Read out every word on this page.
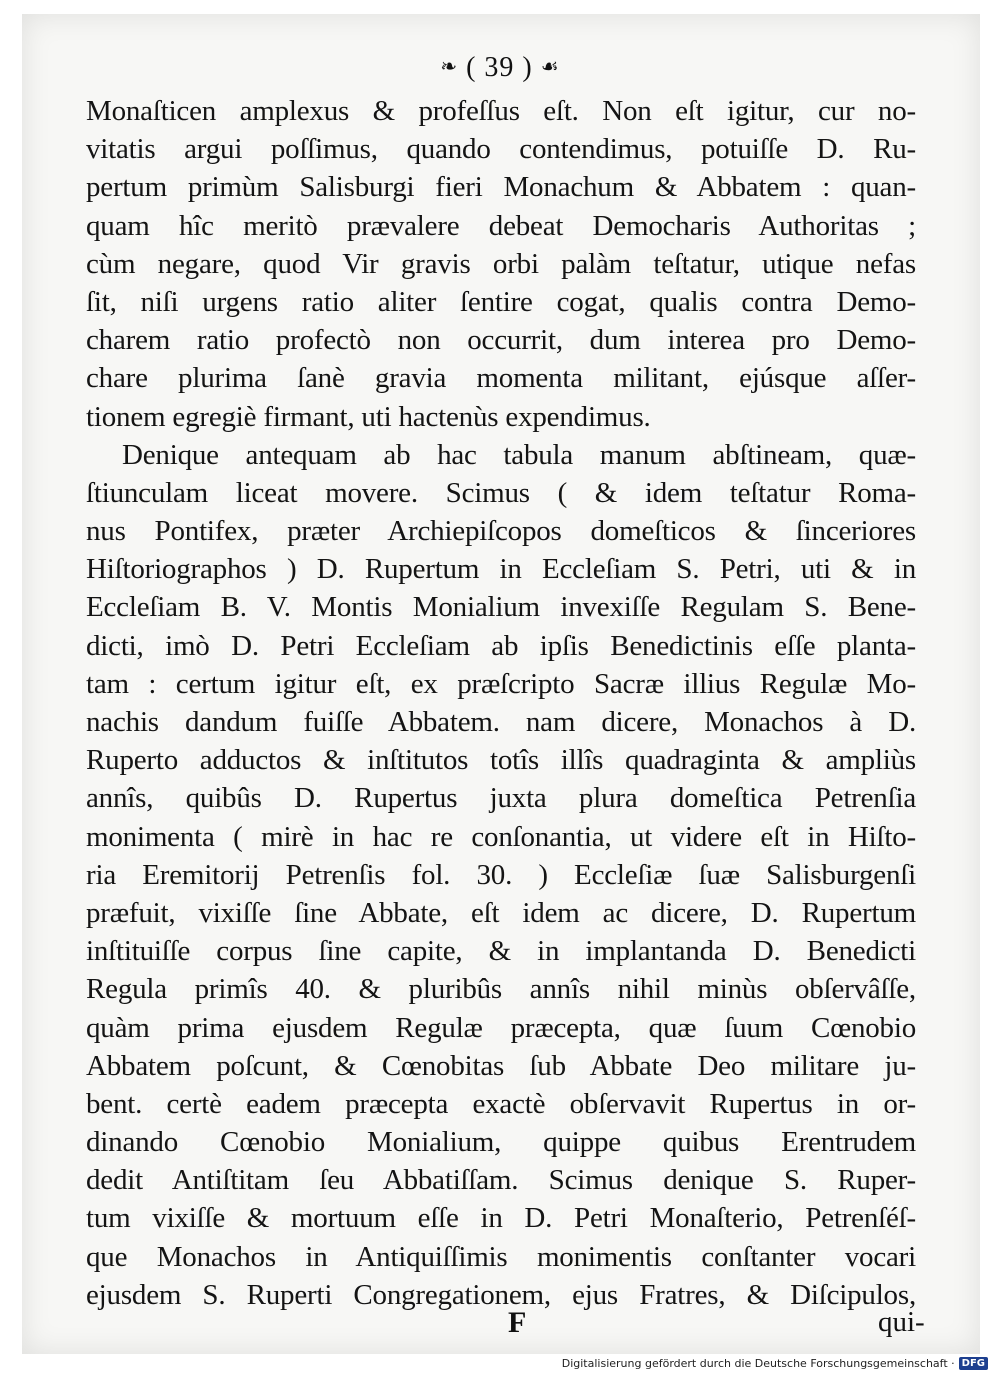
❧ ( 39 ) ☙
Monaſticen amplexus & profeſſus eſt. Non eſt igitur, cur no-
vitatis argui poſſimus, quando contendimus, potuiſſe D. Ru-
pertum primùm Salisburgi fieri Monachum & Abbatem : quan-
quam hîc meritò prævalere debeat Democharis Authoritas ;
cùm negare, quod Vir gravis orbi palàm teſtatur, utique nefas
ſit, niſi urgens ratio aliter ſentire cogat, qualis contra Demo-
charem ratio profectò non occurrit, dum interea pro Demo-
chare plurima ſanè gravia momenta militant, ejúsque aſſer-
tionem egregiè firmant, uti hactenùs expendimus.
Denique antequam ab hac tabula manum abſtineam, quæ-
ſtiunculam liceat movere. Scimus ( & idem teſtatur Roma-
nus Pontifex, præter Archiepiſcopos domeſticos & ſinceriores
Hiſtoriographos ) D. Rupertum in Eccleſiam S. Petri, uti & in
Eccleſiam B. V. Montis Monialium invexiſſe Regulam S. Bene-
dicti, imò D. Petri Eccleſiam ab ipſis Benedictinis eſſe planta-
tam : certum igitur eſt, ex præſcripto Sacræ illius Regulæ Mo-
nachis dandum fuiſſe Abbatem. nam dicere, Monachos à D.
Ruperto adductos & inſtitutos totîs illîs quadraginta & ampliùs
annîs, quibûs D. Rupertus juxta plura domeſtica Petrenſia
monimenta ( mirè in hac re conſonantia, ut videre eſt in Hiſto-
ria Eremitorij Petrenſis fol. 30. ) Eccleſiæ ſuæ Salisburgenſi
præfuit, vixiſſe ſine Abbate, eſt idem ac dicere, D. Rupertum
inſtituiſſe corpus ſine capite, & in implantanda D. Benedicti
Regula primîs 40. & pluribûs annîs nihil minùs obſervâſſe,
quàm prima ejusdem Regulæ præcepta, quæ ſuum Cœnobio
Abbatem poſcunt, & Cœnobitas ſub Abbate Deo militare ju-
bent. certè eadem præcepta exactè obſervavit Rupertus in or-
dinando Cœnobio Monialium, quippe quibus Erentrudem
dedit Antiſtitam ſeu Abbatiſſam. Scimus denique S. Ruper-
tum vixiſſe & mortuum eſſe in D. Petri Monaſterio, Petrenſéſ-
que Monachos in Antiquiſſimis monimentis conſtanter vocari
ejusdem S. Ruperti Congregationem, ejus Fratres, & Diſcipulos,
F	qui-
Digitalisierung gefördert durch die Deutsche Forschungsgemeinschaft · DFG
